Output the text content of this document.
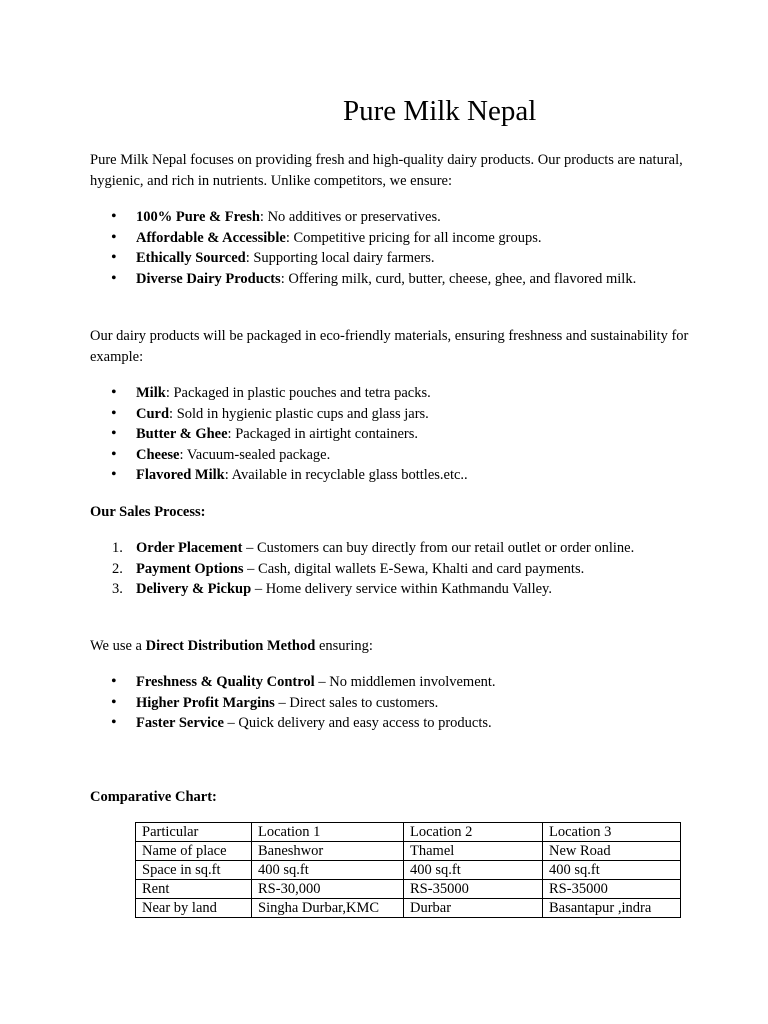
Pure Milk Nepal

Pure Milk Nepal focuses on providing fresh and high-quality dairy products. Our products are natural, hygienic, and rich in nutrients. Unlike competitors, we ensure:

• 100% Pure & Fresh: No additives or preservatives.
• Affordable & Accessible: Competitive pricing for all income groups.
• Ethically Sourced: Supporting local dairy farmers.
• Diverse Dairy Products: Offering milk, curd, butter, cheese, ghee, and flavored milk.

Our dairy products will be packaged in eco-friendly materials, ensuring freshness and sustainability for example:

• Milk: Packaged in plastic pouches and tetra packs.
• Curd: Sold in hygienic plastic cups and glass jars.
• Butter & Ghee: Packaged in airtight containers.
• Cheese: Vacuum-sealed package.
• Flavored Milk: Available in recyclable glass bottles.etc..

Our Sales Process:

1. Order Placement – Customers can buy directly from our retail outlet or order online.
2. Payment Options – Cash, digital wallets E-Sewa, Khalti and card payments.
3. Delivery & Pickup – Home delivery service within Kathmandu Valley.

We use a Direct Distribution Method ensuring:

• Freshness & Quality Control – No middlemen involvement.
• Higher Profit Margins – Direct sales to customers.
• Faster Service – Quick delivery and easy access to products.

Comparative Chart:

Particular	Location 1	Location 2	Location 3
Name of place	Baneshwor	Thamel	New Road
Space in sq.ft	400 sq.ft	400 sq.ft	400 sq.ft
Rent	RS-30,000	RS-35000	RS-35000
Near by land	Singha Durbar,KMC	Durbar	Basantapur ,indra
